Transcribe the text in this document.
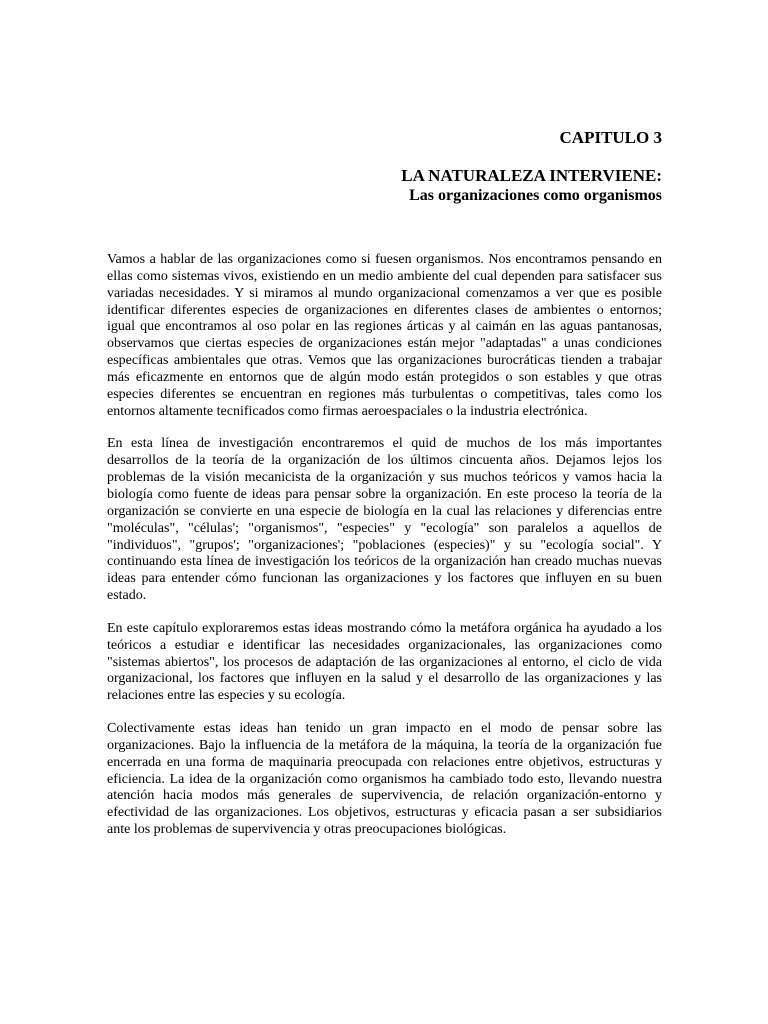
CAPITULO 3
LA NATURALEZA INTERVIENE:
Las organizaciones como organismos

Vamos a hablar de las organizaciones como si fuesen organismos. Nos encontramos pensando en ellas como sistemas vivos, existiendo en un medio ambiente del cual dependen para satisfacer sus variadas necesidades. Y si miramos al mundo organizacional comenzamos a ver que es posible identificar diferentes especies de organizaciones en diferentes clases de ambientes o entornos; igual que encontramos al oso polar en las regiones árticas y al caimán en las aguas pantanosas, observamos que ciertas especies de organizaciones están mejor "adaptadas" a unas condiciones específicas ambientales que otras. Vemos que las organizaciones burocráticas tienden a trabajar más eficazmente en entornos que de algún modo están protegidos o son estables y que otras especies diferentes se encuentran en regiones más turbulentas o competitivas, tales como los entornos altamente tecnificados como firmas aeroespaciales o la industria electrónica.

En esta línea de investigación encontraremos el quid de muchos de los más importantes desarrollos de la teoría de la organización de los últimos cincuenta años. Dejamos lejos los problemas de la visión mecanicista de la organización y sus muchos teóricos y vamos hacia la biología como fuente de ideas para pensar sobre la organización. En este proceso la teoría de la organización se convierte en una especie de biología en la cual las relaciones y diferencias entre "moléculas", "células'; "organismos", "especies" y "ecología" son paralelos a aquellos de "individuos", "grupos'; "organizaciones'; "poblaciones (especies)" y su "ecología social". Y continuando esta línea de investigación los teóricos de la organización han creado muchas nuevas ideas para entender cómo funcionan las organizaciones y los factores que influyen en su buen estado.

En este capítulo exploraremos estas ideas mostrando cómo la metáfora orgánica ha ayudado a los teóricos a estudiar e identificar las necesidades organizacionales, las organizaciones como "sistemas abiertos", los procesos de adaptación de las organizaciones al entorno, el ciclo de vida organizacional, los factores que influyen en la salud y el desarrollo de las organizaciones y las relaciones entre las especies y su ecología.

Colectivamente estas ideas han tenido un gran impacto en el modo de pensar sobre las organizaciones. Bajo la influencia de la metáfora de la máquina, la teoría de la organización fue encerrada en una forma de maquinaria preocupada con relaciones entre objetivos, estructuras y eficiencia. La idea de la organización como organismos ha cambiado todo esto, llevando nuestra atención hacia modos más generales de supervivencia, de relación organización-entorno y efectividad de las organizaciones. Los objetivos, estructuras y eficacia pasan a ser subsidiarios ante los problemas de supervivencia y otras preocupaciones biológicas.
